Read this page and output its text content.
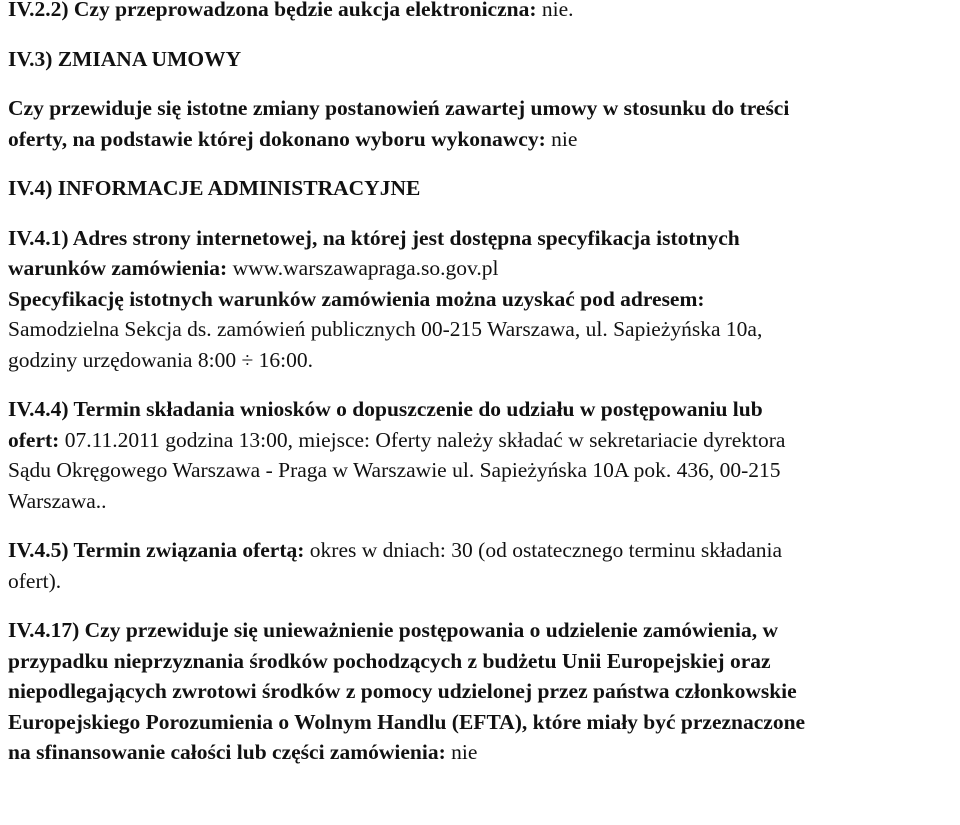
IV.2.2) Czy przeprowadzona będzie aukcja elektroniczna: nie.
IV.3) ZMIANA UMOWY
Czy przewiduje się istotne zmiany postanowień zawartej umowy w stosunku do treści
oferty, na podstawie której dokonano wyboru wykonawcy: nie
IV.4) INFORMACJE ADMINISTRACYJNE
IV.4.1) Adres strony internetowej, na której jest dostępna specyfikacja istotnych
warunków zamówienia: www.warszawapraga.so.gov.pl
Specyfikację istotnych warunków zamówienia można uzyskać pod adresem:
Samodzielna Sekcja ds. zamówień publicznych 00-215 Warszawa, ul. Sapieżyńska 10a,
godziny urzędowania 8:00 ÷ 16:00.
IV.4.4) Termin składania wniosków o dopuszczenie do udziału w postępowaniu lub
ofert: 07.11.2011 godzina 13:00, miejsce: Oferty należy składać w sekretariacie dyrektora
Sądu Okręgowego Warszawa - Praga w Warszawie ul. Sapieżyńska 10A pok. 436, 00-215
Warszawa..
IV.4.5) Termin związania ofertą: okres w dniach: 30 (od ostatecznego terminu składania
ofert).
IV.4.17) Czy przewiduje się unieważnienie postępowania o udzielenie zamówienia, w
przypadku nieprzyznania środków pochodzących z budżetu Unii Europejskiej oraz
niepodlegających zwrotowi środków z pomocy udzielonej przez państwa członkowskie
Europejskiego Porozumienia o Wolnym Handlu (EFTA), które miały być przeznaczone
na sfinansowanie całości lub części zamówienia: nie
